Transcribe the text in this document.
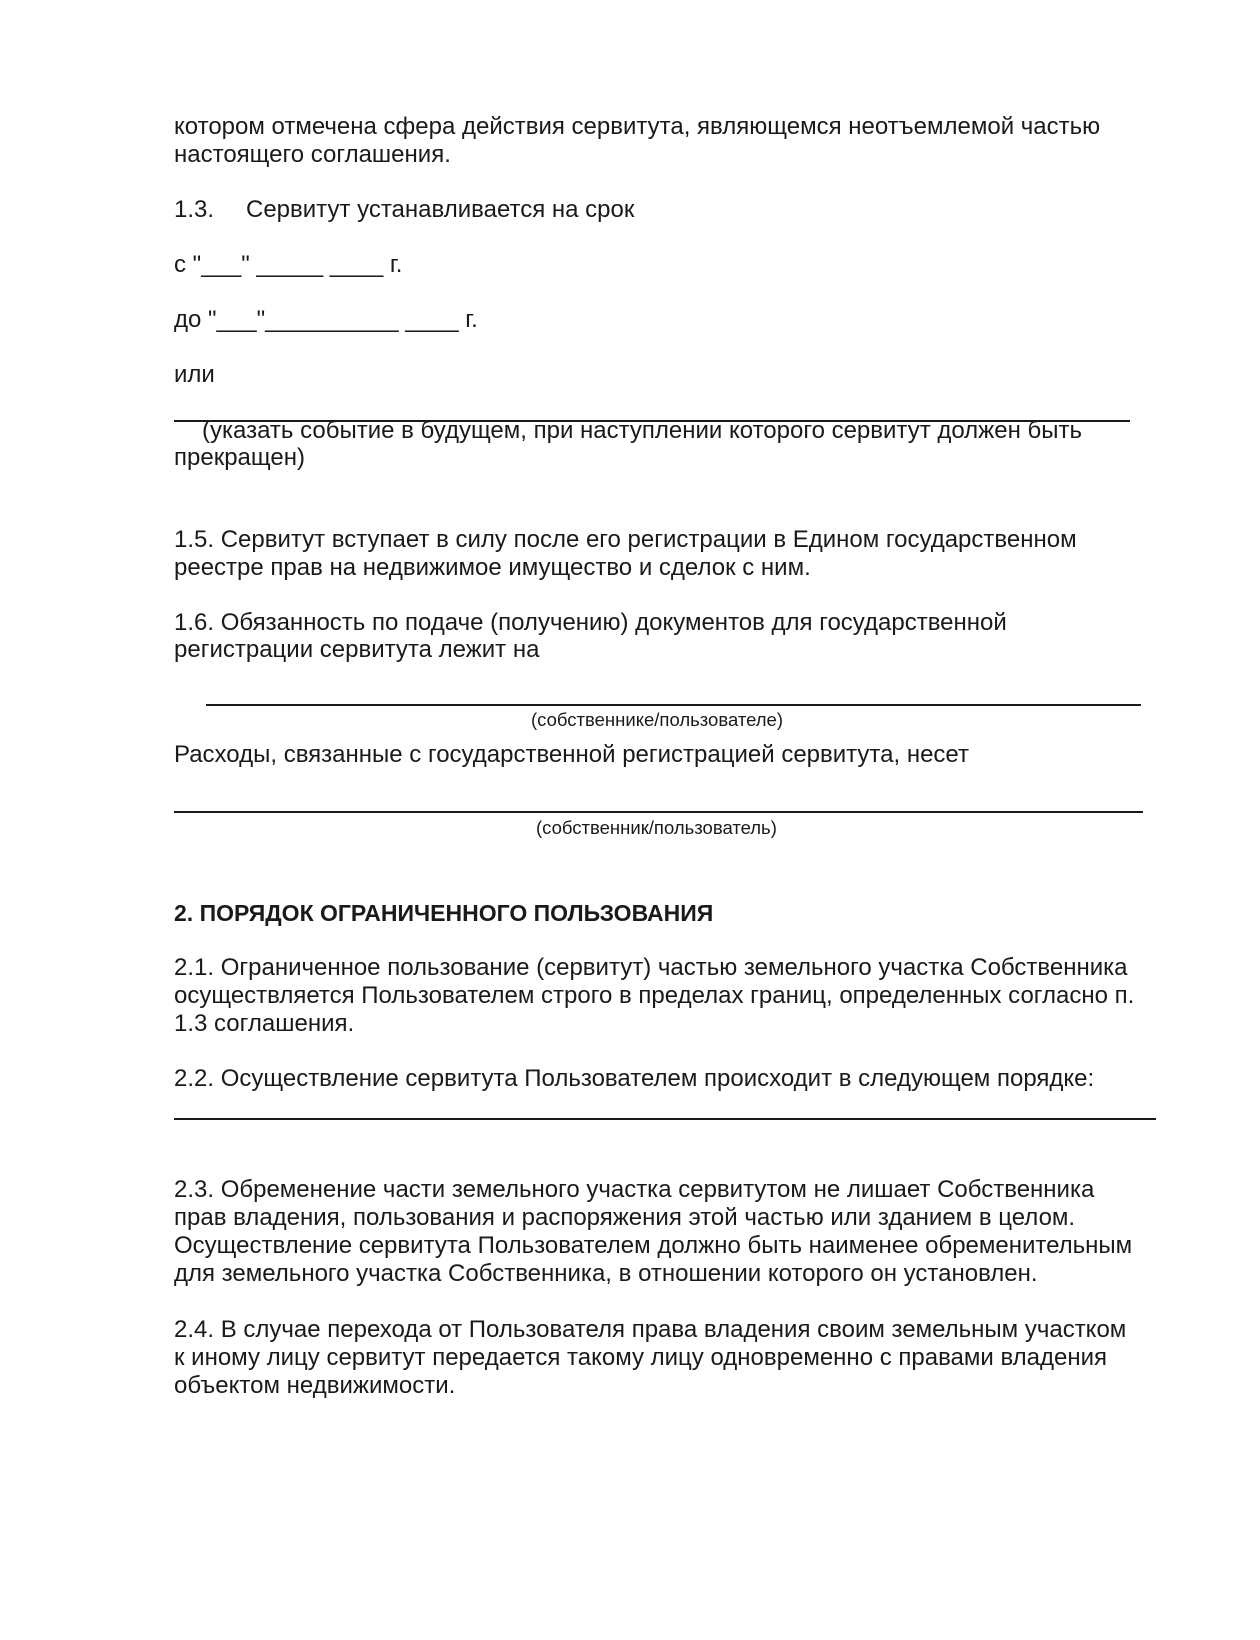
котором отмечена сфера действия сервитута, являющемся неотъемлемой частью

настоящего соглашения.

1.3. Сервитут устанавливается на срок

с "___" _____ ____ г.

до "___"__________ ____ г.

или

(указать событие в будущем, при наступлении которого сервитут должен быть

прекращен)

1.5. Сервитут вступает в силу после его регистрации в Едином государственном

реестре прав на недвижимое имущество и сделок с ним.

1.6. Обязанность по подаче (получению) документов для государственной

регистрации сервитута лежит на

(собственнике/пользователе)

Расходы, связанные с государственной регистрацией сервитута, несет

(собственник/пользователь)

2. ПОРЯДОК ОГРАНИЧЕННОГО ПОЛЬЗОВАНИЯ

2.1. Ограниченное пользование (сервитут) частью земельного участка Собственника

осуществляется Пользователем строго в пределах границ, определенных согласно п.

1.3 соглашения.

2.2. Осуществление сервитута Пользователем происходит в следующем порядке:

2.3. Обременение части земельного участка сервитутом не лишает Собственника

прав владения, пользования и распоряжения этой частью или зданием в целом.

Осуществление сервитута Пользователем должно быть наименее обременительным

для земельного участка Собственника, в отношении которого он установлен.

2.4. В случае перехода от Пользователя права владения своим земельным участком

к иному лицу сервитут передается такому лицу одновременно с правами владения

объектом недвижимости.
